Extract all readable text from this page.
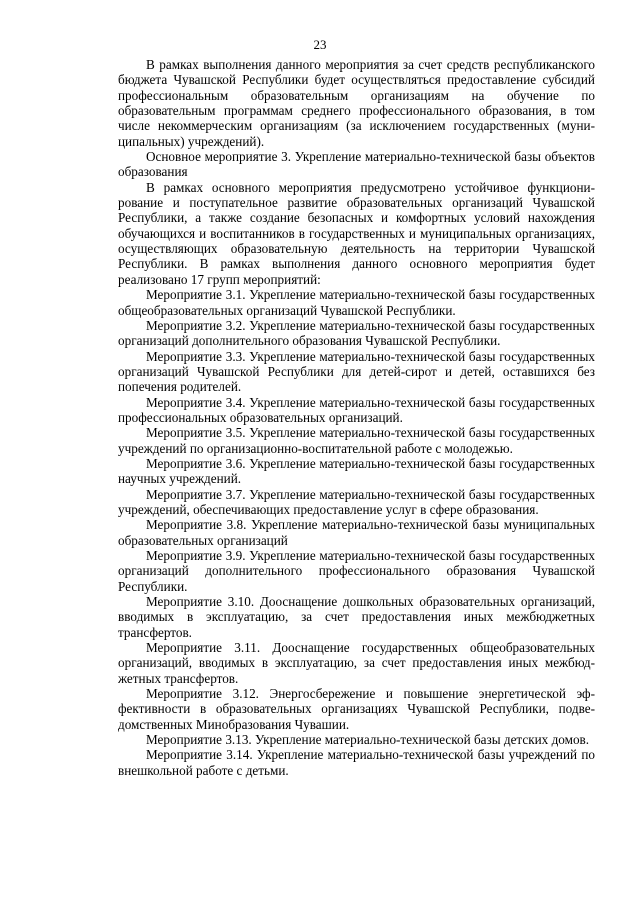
23

В рамках выполнения данного мероприятия за счет средств республиканского бюджета Чувашской Республики будет осуществляться предоставление субсидий профессиональным образовательным организациям на обучение по образовательным программам среднего профессионального образования, в том числе некоммерческим организациям (за исключением государственных (муниципальных) учреждений).

Основное мероприятие 3. Укрепление материально-технической базы объектов образования

В рамках основного мероприятия предусмотрено устойчивое функционирование и поступательное развитие образовательных организаций Чувашской Республики, а также создание безопасных и комфортных условий нахождения обучающихся и воспитанников в государственных и муниципальных организациях, осуществляющих образовательную деятельность на территории Чувашской Республики. В рамках выполнения данного основного мероприятия будет реализовано 17 групп мероприятий:

Мероприятие 3.1. Укрепление материально-технической базы государственных общеобразовательных организаций Чувашской Республики.

Мероприятие 3.2. Укрепление материально-технической базы государственных организаций дополнительного образования Чувашской Республики.

Мероприятие 3.3. Укрепление материально-технической базы государственных организаций Чувашской Республики для детей-сирот и детей, оставшихся без попечения родителей.

Мероприятие 3.4. Укрепление материально-технической базы государственных профессиональных образовательных организаций.

Мероприятие 3.5. Укрепление материально-технической базы государственных учреждений по организационно-воспитательной работе с молодежью.

Мероприятие 3.6. Укрепление материально-технической базы государственных научных учреждений.

Мероприятие 3.7. Укрепление материально-технической базы государственных учреждений, обеспечивающих предоставление услуг в сфере образования.

Мероприятие 3.8. Укрепление материально-технической базы муниципальных образовательных организаций

Мероприятие 3.9. Укрепление материально-технической базы государственных организаций дополнительного профессионального образования Чувашской Республики.

Мероприятие 3.10. Дооснащение дошкольных образовательных организаций, вводимых в эксплуатацию, за счет предоставления иных межбюджетных трансфертов.

Мероприятие 3.11. Дооснащение государственных общеобразовательных организаций, вводимых в эксплуатацию, за счет предоставления иных межбюджетных трансфертов.

Мероприятие 3.12. Энергосбережение и повышение энергетической эффективности в образовательных организациях Чувашской Республики, подведомственных Минобразования Чувашии.

Мероприятие 3.13. Укрепление материально-технической базы детских домов.

Мероприятие 3.14. Укрепление материально-технической базы учреждений по внешкольной работе с детьми.
